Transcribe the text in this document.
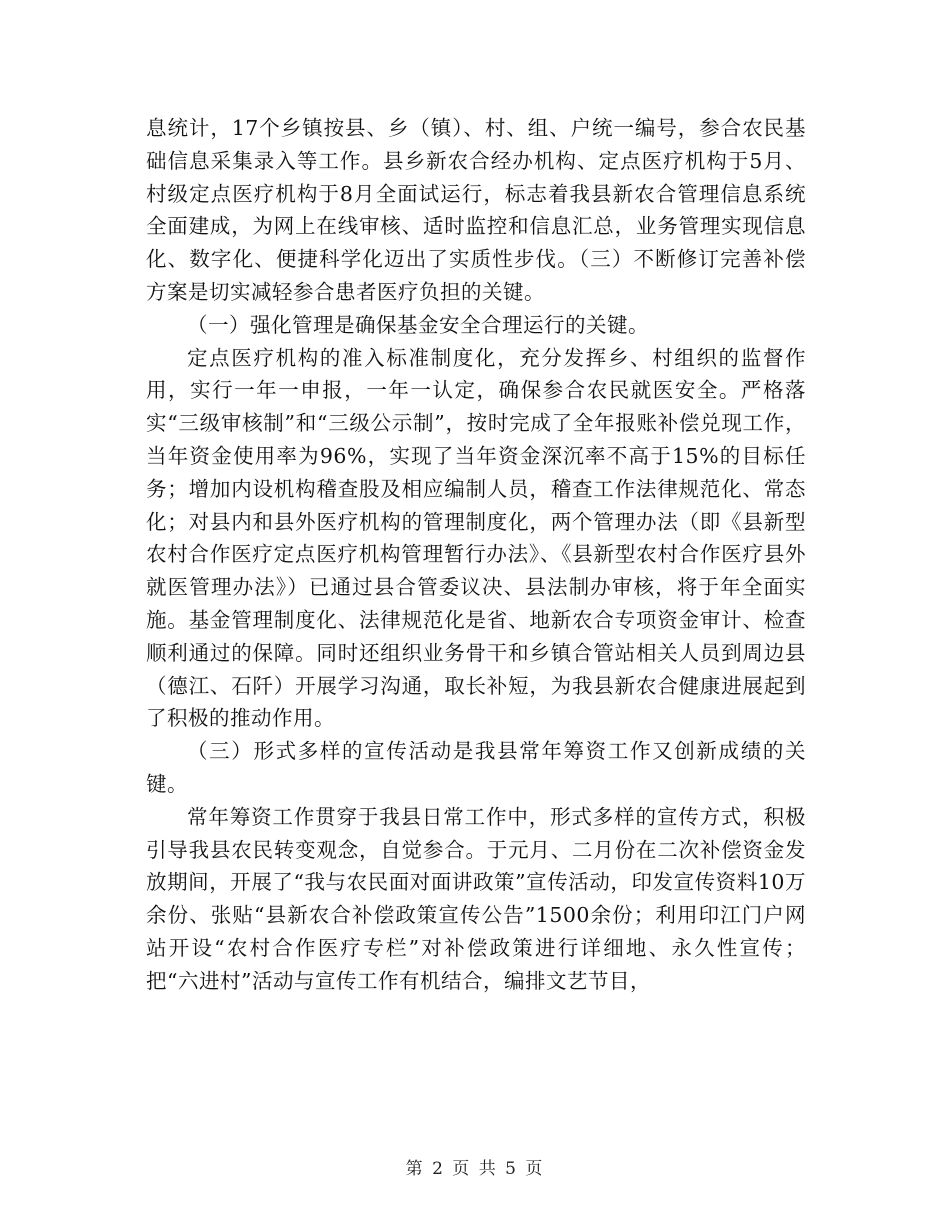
息统计，17个乡镇按县、乡（镇）、村、组、户统一编号，参合农民基础信息采集录入等工作。县乡新农合经办机构、定点医疗机构于5月、村级定点医疗机构于8月全面试运行，标志着我县新农合管理信息系统全面建成，为网上在线审核、适时监控和信息汇总，业务管理实现信息化、数字化、便捷科学化迈出了实质性步伐。（三）不断修订完善补偿方案是切实减轻参合患者医疗负担的关键。

（一）强化管理是确保基金安全合理运行的关键。

定点医疗机构的准入标准制度化，充分发挥乡、村组织的监督作用，实行一年一申报，一年一认定，确保参合农民就医安全。严格落实“三级审核制”和“三级公示制”，按时完成了全年报账补偿兑现工作，当年资金使用率为96%，实现了当年资金深沉率不高于15%的目标任务；增加内设机构稽查股及相应编制人员，稽查工作法律规范化、常态化；对县内和县外医疗机构的管理制度化，两个管理办法（即《县新型农村合作医疗定点医疗机构管理暂行办法》、《县新型农村合作医疗县外就医管理办法》）已通过县合管委议决、县法制办审核，将于年全面实施。基金管理制度化、法律规范化是省、地新农合专项资金审计、检查顺利通过的保障。同时还组织业务骨干和乡镇合管站相关人员到周边县（德江、石阡）开展学习沟通，取长补短，为我县新农合健康进展起到了积极的推动作用。

（三）形式多样的宣传活动是我县常年筹资工作又创新成绩的关键。

常年筹资工作贯穿于我县日常工作中，形式多样的宣传方式，积极引导我县农民转变观念，自觉参合。于元月、二月份在二次补偿资金发放期间，开展了“我与农民面对面讲政策”宣传活动，印发宣传资料10万余份、张贴“县新农合补偿政策宣传公告”1500余份；利用印江门户网站开设“农村合作医疗专栏”对补偿政策进行详细地、永久性宣传；把“六进村”活动与宣传工作有机结合，编排文艺节目，

第 2 页 共 5 页
